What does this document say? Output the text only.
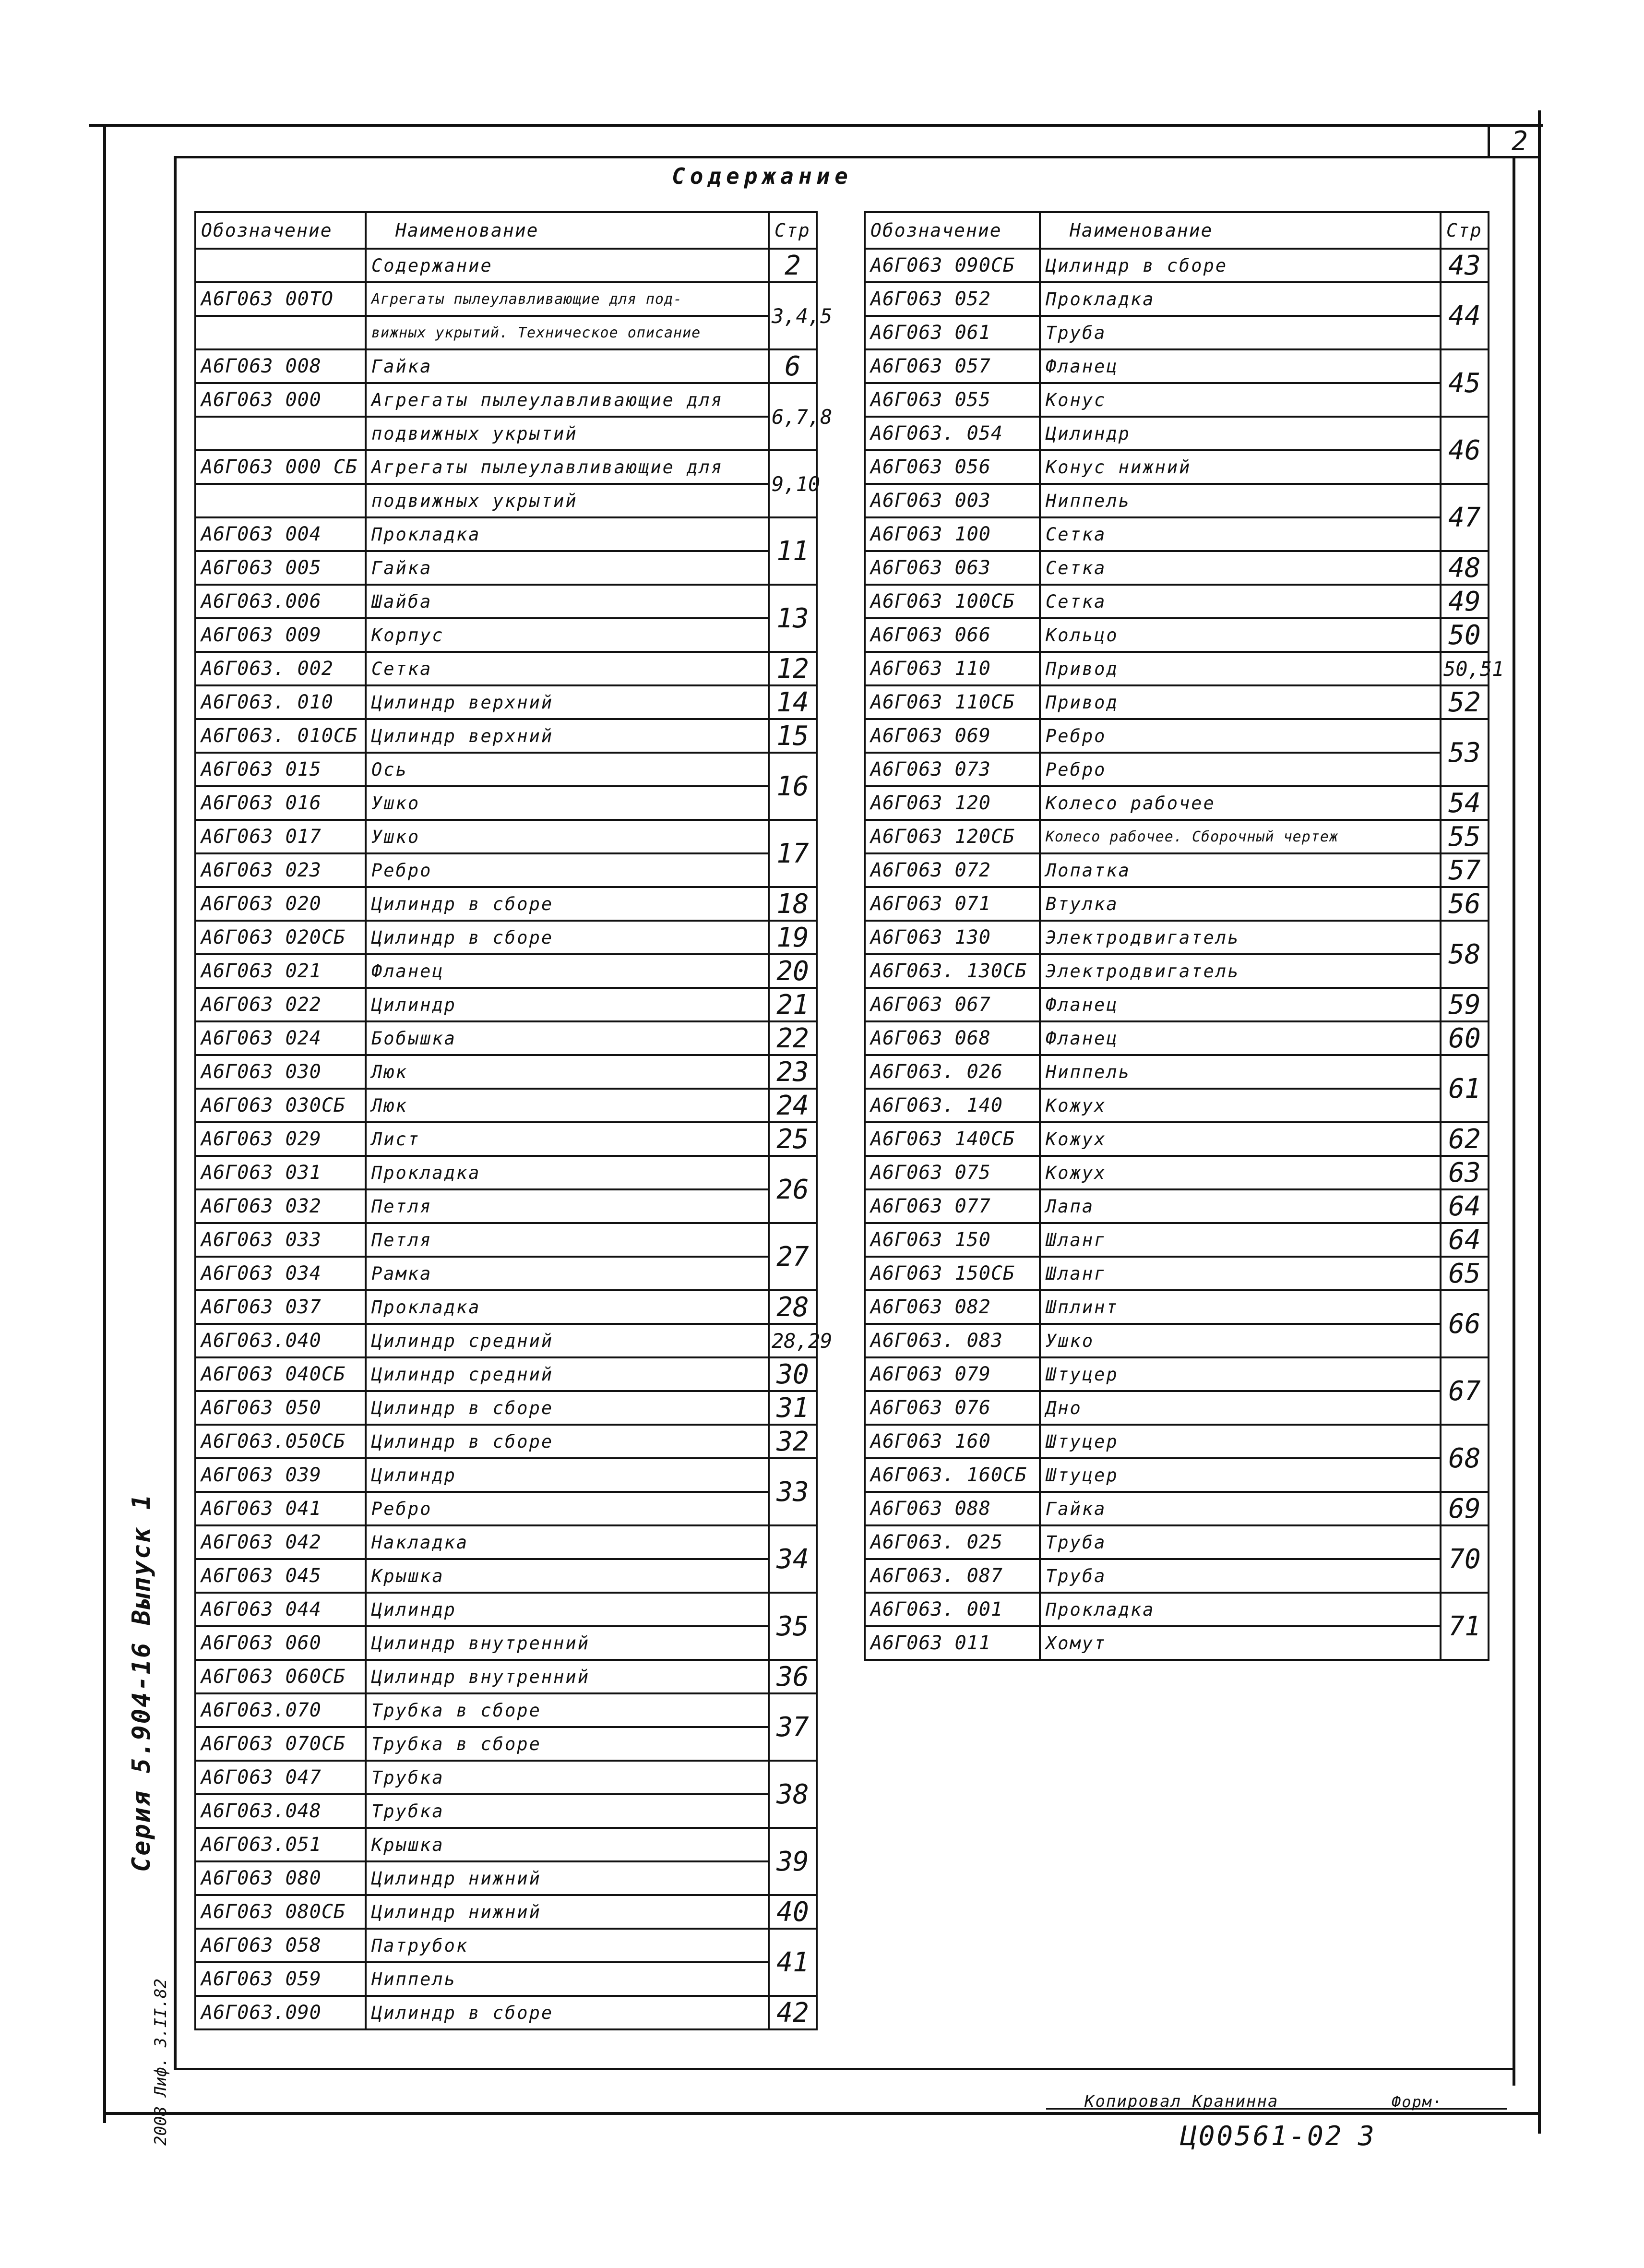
2
Содержание
Серия 5.904-16 Выпуск 1
2008 Лиф. 3.II.82
Обозначение	Наименование	Стр
	Содержание	2
А6Г063 00ТО	Агрегаты пылеулавливающие для под-	3,4,5
	вижных укрытий. Техническое описание	
А6Г063 008	Гайка	6
А6Г063 000	Агрегаты пылеулавливающие для	6,7,8
	подвижных укрытий	
А6Г063 000 СБ	Агрегаты пылеулавливающие для	9,10
	подвижных укрытий	
А6Г063 004	Прокладка	11
А6Г063 005	Гайка	
А6Г063.006	Шайба	13
А6Г063 009	Корпус	
А6Г063. 002	Сетка	12
А6Г063. 010	Цилиндр верхний	14
А6Г063. 010СБ	Цилиндр верхний	15
А6Г063 015	Ось	16
А6Г063 016	Ушко	
А6Г063 017	Ушко	17
А6Г063 023	Ребро	
А6Г063 020	Цилиндр в сборе	18
А6Г063 020СБ	Цилиндр в сборе	19
А6Г063 021	Фланец	20
А6Г063 022	Цилиндр	21
А6Г063 024	Бобышка	22
А6Г063 030	Люк	23
А6Г063 030СБ	Люк	24
А6Г063 029	Лист	25
А6Г063 031	Прокладка	26
А6Г063 032	Петля	
А6Г063 033	Петля	27
А6Г063 034	Рамка	
А6Г063 037	Прокладка	28
А6Г063.040	Цилиндр средний	28,29
А6Г063 040СБ	Цилиндр средний	30
А6Г063 050	Цилиндр в сборе	31
А6Г063.050СБ	Цилиндр в сборе	32
А6Г063 039	Цилиндр	33
А6Г063 041	Ребро	
А6Г063 042	Накладка	34
А6Г063 045	Крышка	
А6Г063 044	Цилиндр	35
А6Г063 060	Цилиндр внутренний	
А6Г063 060СБ	Цилиндр внутренний	36
А6Г063.070	Трубка в сборе	37
А6Г063 070СБ	Трубка в сборе	
А6Г063 047	Трубка	38
А6Г063.048	Трубка	
А6Г063.051	Крышка	39
А6Г063 080	Цилиндр нижний	
А6Г063 080СБ	Цилиндр нижний	40
А6Г063 058	Патрубок	41
А6Г063 059	Ниппель	
А6Г063.090	Цилиндр в сборе	42
Обозначение	Наименование	Стр
А6Г063 090СБ	Цилиндр в сборе	43
А6Г063 052	Прокладка	44
А6Г063 061	Труба	
А6Г063 057	Фланец	45
А6Г063 055	Конус	
А6Г063. 054	Цилиндр	46
А6Г063 056	Конус нижний	
А6Г063 003	Ниппель	47
А6Г063 100	Сетка	
А6Г063 063	Сетка	48
А6Г063 100СБ	Сетка	49
А6Г063 066	Кольцо	50
А6Г063 110	Привод	50,51
А6Г063 110СБ	Привод	52
А6Г063 069	Ребро	53
А6Г063 073	Ребро	
А6Г063 120	Колесо рабочее	54
А6Г063 120СБ	Колесо рабочее. Сборочный чертеж	55
А6Г063 072	Лопатка	57
А6Г063 071	Втулка	56
А6Г063 130	Электродвигатель	58
А6Г063. 130СБ	Электродвигатель	
А6Г063 067	Фланец	59
А6Г063 068	Фланец	60
А6Г063. 026	Ниппель	61
А6Г063. 140	Кожух	
А6Г063 140СБ	Кожух	62
А6Г063 075	Кожух	63
А6Г063 077	Лапа	64
А6Г063 150	Шланг	64
А6Г063 150СБ	Шланг	65
А6Г063 082	Шплинт	66
А6Г063. 083	Ушко	
А6Г063 079	Штуцер	67
А6Г063 076	Дно	
А6Г063 160	Штуцер	68
А6Г063. 160СБ	Штуцер	
А6Г063 088	Гайка	69
А6Г063. 025	Труба	70
А6Г063. 087	Труба	
А6Г063. 001	Прокладка	71
А6Г063 011	Хомут	
Копировал Кранинна	Форм·
Ц00561-02 3
